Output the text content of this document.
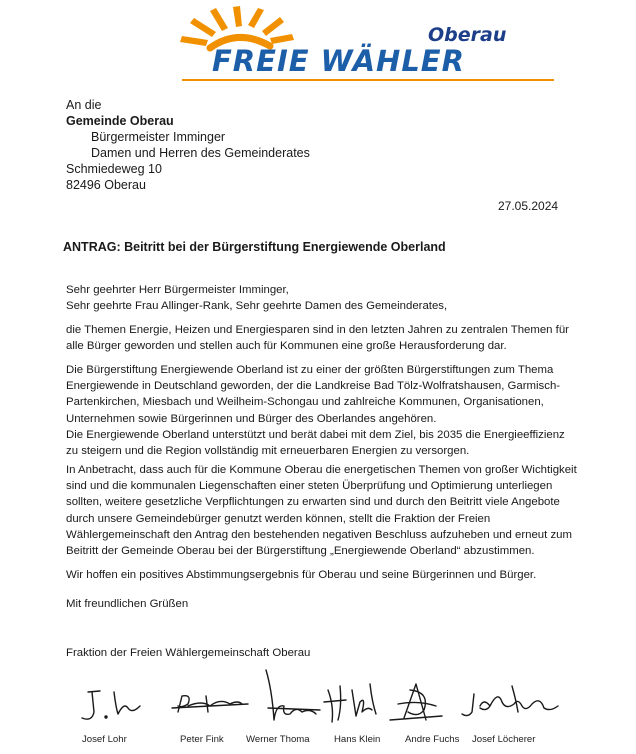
Oberau
FREIE WÄHLER
An die
Gemeinde Oberau
Bürgermeister Imminger
Damen und Herren des Gemeinderates
Schmiedeweg 10
82496 Oberau
27.05.2024
ANTRAG: Beitritt bei der Bürgerstiftung Energiewende Oberland
Sehr geehrter Herr Bürgermeister Imminger,
Sehr geehrte Frau Allinger-Rank, Sehr geehrte Damen des Gemeinderates,
die Themen Energie, Heizen und Energiesparen sind in den letzten Jahren zu zentralen Themen für
alle Bürger geworden und stellen auch für Kommunen eine große Herausforderung dar.
Die Bürgerstiftung Energiewende Oberland ist zu einer der größten Bürgerstiftungen zum Thema
Energiewende in Deutschland geworden, der die Landkreise Bad Tölz-Wolfratshausen, Garmisch-
Partenkirchen, Miesbach und Weilheim-Schongau und zahlreiche Kommunen, Organisationen,
Unternehmen sowie Bürgerinnen und Bürger des Oberlandes angehören.
Die Energiewende Oberland unterstützt und berät dabei mit dem Ziel, bis 2035 die Energieeffizienz
zu steigern und die Region vollständig mit erneuerbaren Energien zu versorgen.
In Anbetracht, dass auch für die Kommune Oberau die energetischen Themen von großer Wichtigkeit
sind und die kommunalen Liegenschaften einer steten Überprüfung und Optimierung unterliegen
sollten, weitere gesetzliche Verpflichtungen zu erwarten sind und durch den Beitritt viele Angebote
durch unsere Gemeindebürger genutzt werden können, stellt die Fraktion der Freien
Wählergemeinschaft den Antrag den bestehenden negativen Beschluss aufzuheben und erneut zum
Beitritt der Gemeinde Oberau bei der Bürgerstiftung „Energiewende Oberland“ abzustimmen.
Wir hoffen ein positives Abstimmungsergebnis für Oberau und seine Bürgerinnen und Bürger.
Mit freundlichen Grüßen
Fraktion der Freien Wählergemeinschaft Oberau
Josef Lohr	Peter Fink Werner Thoma	Hans Klein	Andre Fuchs Josef Löcherer
